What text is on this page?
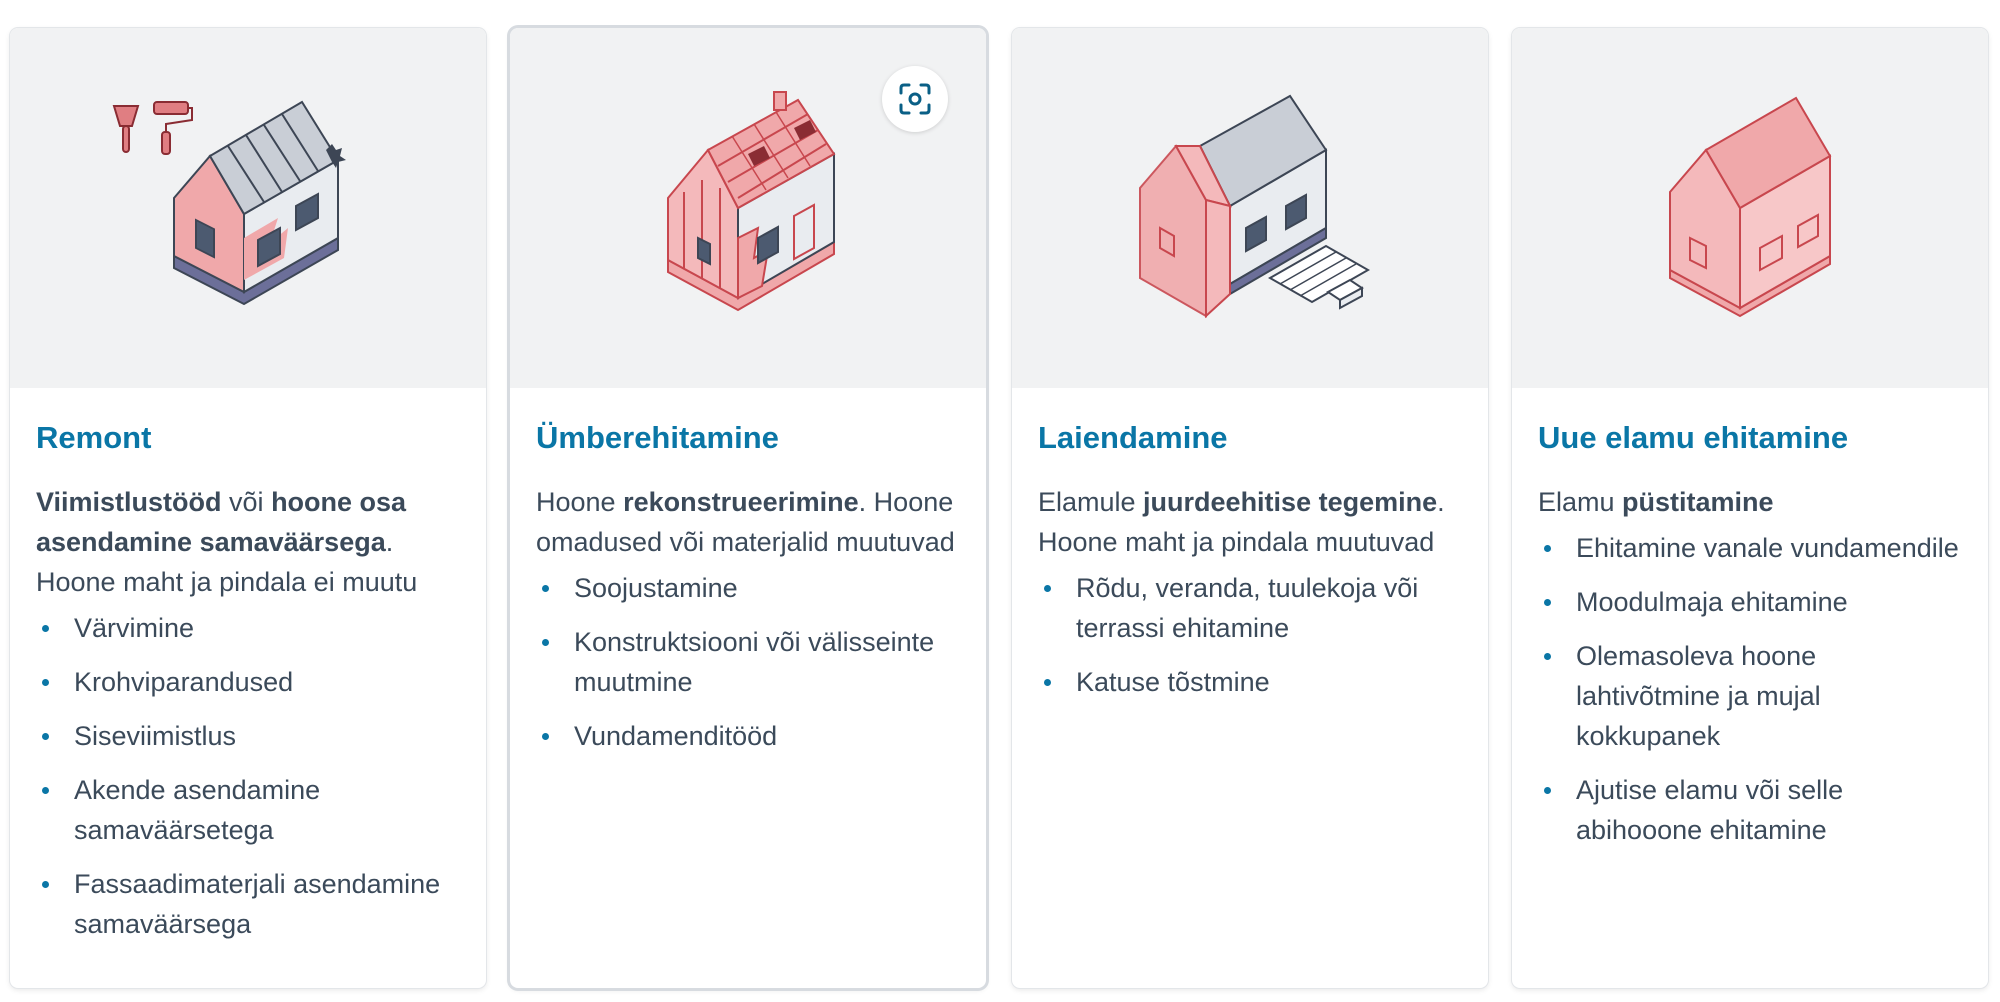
Remont

Viimistlustööd või hoone osa asendamine samaväärsega. Hoone maht ja pindala ei muutu

Värvimine
Krohviparandused
Siseviimistlus
Akende asendamine samaväärsetega
Fassaadimaterjali asendamine samaväärsega
Ümberehitamine

Hoone rekonstrueerimine. Hoone omadused või materjalid muutuvad

Soojustamine
Konstruktsiooni või välisseinte muutmine
Vundamenditööd
Laiendamine

Elamule juurdeehitise tegemine. Hoone maht ja pindala muutuvad

Rõdu, veranda, tuulekoja või terrassi ehitamine
Katuse tõstmine
Uue elamu ehitamine

Elamu püstitamine

Ehitamine vanale vundamendile
Moodulmaja ehitamine
Olemasoleva hoone lahtivõtmine ja mujal kokkupanek
Ajutise elamu või selle abihooone ehitamine
